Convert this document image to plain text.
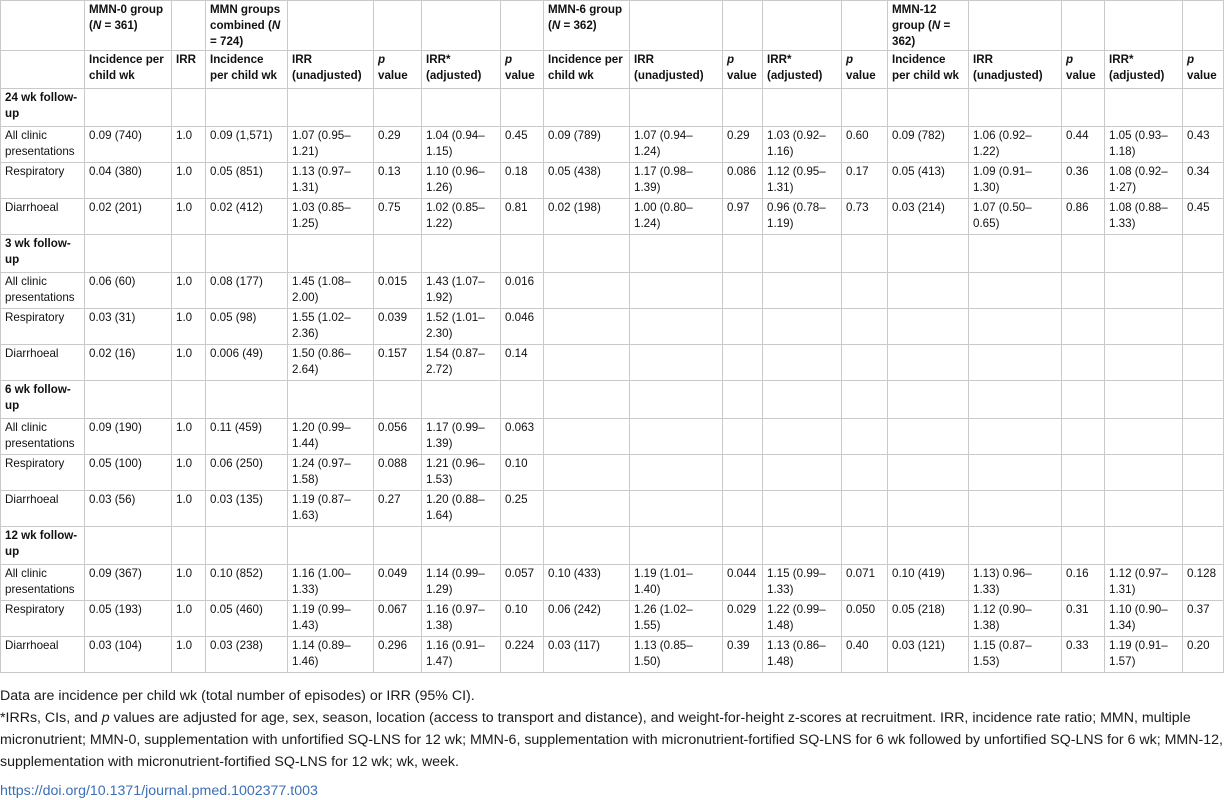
	MMN-0 group (N = 361)		MMN groups combined (N = 724)					MMN-6 group (N = 362)					MMN-12 group (N = 362)				
	Incidence per child wk	IRR	Incidence per child wk	IRR (unadjusted)	p value	IRR* (adjusted)	p value	Incidence per child wk	IRR (unadjusted)	p value	IRR* (adjusted)	p value	Incidence per child wk	IRR (unadjusted)	p value	IRR* (adjusted)	p value
24 wk follow-up																	
All clinic presentations	0.09 (740)	1.0	0.09 (1,571)	1.07 (0.95–1.21)	0.29	1.04 (0.94–1.15)	0.45	0.09 (789)	1.07 (0.94–1.24)	0.29	1.03 (0.92–1.16)	0.60	0.09 (782)	1.06 (0.92–1.22)	0.44	1.05 (0.93–1.18)	0.43
Respiratory	0.04 (380)	1.0	0.05 (851)	1.13 (0.97–1.31)	0.13	1.10 (0.96–1.26)	0.18	0.05 (438)	1.17 (0.98–1.39)	0.086	1.12 (0.95–1.31)	0.17	0.05 (413)	1.09 (0.91–1.30)	0.36	1.08 (0.92–1·27)	0.34
Diarrhoeal	0.02 (201)	1.0	0.02 (412)	1.03 (0.85–1.25)	0.75	1.02 (0.85–1.22)	0.81	0.02 (198)	1.00 (0.80–1.24)	0.97	0.96 (0.78–1.19)	0.73	0.03 (214)	1.07 (0.50–0.65)	0.86	1.08 (0.88–1.33)	0.45
3 wk follow-up																	
All clinic presentations	0.06 (60)	1.0	0.08 (177)	1.45 (1.08–2.00)	0.015	1.43 (1.07–1.92)	0.016										
Respiratory	0.03 (31)	1.0	0.05 (98)	1.55 (1.02–2.36)	0.039	1.52 (1.01–2.30)	0.046										
Diarrhoeal	0.02 (16)	1.0	0.006 (49)	1.50 (0.86–2.64)	0.157	1.54 (0.87–2.72)	0.14										
6 wk follow-up																	
All clinic presentations	0.09 (190)	1.0	0.11 (459)	1.20 (0.99–1.44)	0.056	1.17 (0.99–1.39)	0.063										
Respiratory	0.05 (100)	1.0	0.06 (250)	1.24 (0.97–1.58)	0.088	1.21 (0.96–1.53)	0.10										
Diarrhoeal	0.03 (56)	1.0	0.03 (135)	1.19 (0.87–1.63)	0.27	1.20 (0.88–1.64)	0.25										
12 wk follow-up																	
All clinic presentations	0.09 (367)	1.0	0.10 (852)	1.16 (1.00–1.33)	0.049	1.14 (0.99–1.29)	0.057	0.10 (433)	1.19 (1.01–1.40)	0.044	1.15 (0.99–1.33)	0.071	0.10 (419)	1.13) 0.96–1.33)	0.16	1.12 (0.97–1.31)	0.128
Respiratory	0.05 (193)	1.0	0.05 (460)	1.19 (0.99–1.43)	0.067	1.16 (0.97–1.38)	0.10	0.06 (242)	1.26 (1.02–1.55)	0.029	1.22 (0.99–1.48)	0.050	0.05 (218)	1.12 (0.90–1.38)	0.31	1.10 (0.90–1.34)	0.37
Diarrhoeal	0.03 (104)	1.0	0.03 (238)	1.14 (0.89–1.46)	0.296	1.16 (0.91–1.47)	0.224	0.03 (117)	1.13 (0.85–1.50)	0.39	1.13 (0.86–1.48)	0.40	0.03 (121)	1.15 (0.87–1.53)	0.33	1.19 (0.91–1.57)	0.20
Data are incidence per child wk (total number of episodes) or IRR (95% CI).
*IRRs, CIs, and p values are adjusted for age, sex, season, location (access to transport and distance), and weight-for-height z-scores at recruitment. IRR, incidence rate ratio; MMN, multiple micronutrient; MMN-0, supplementation with unfortified SQ-LNS for 12 wk; MMN-6, supplementation with micronutrient-fortified SQ-LNS for 6 wk followed by unfortified SQ-LNS for 6 wk; MMN-12, supplementation with micronutrient-fortified SQ-LNS for 12 wk; wk, week.
https://doi.org/10.1371/journal.pmed.1002377.t003
